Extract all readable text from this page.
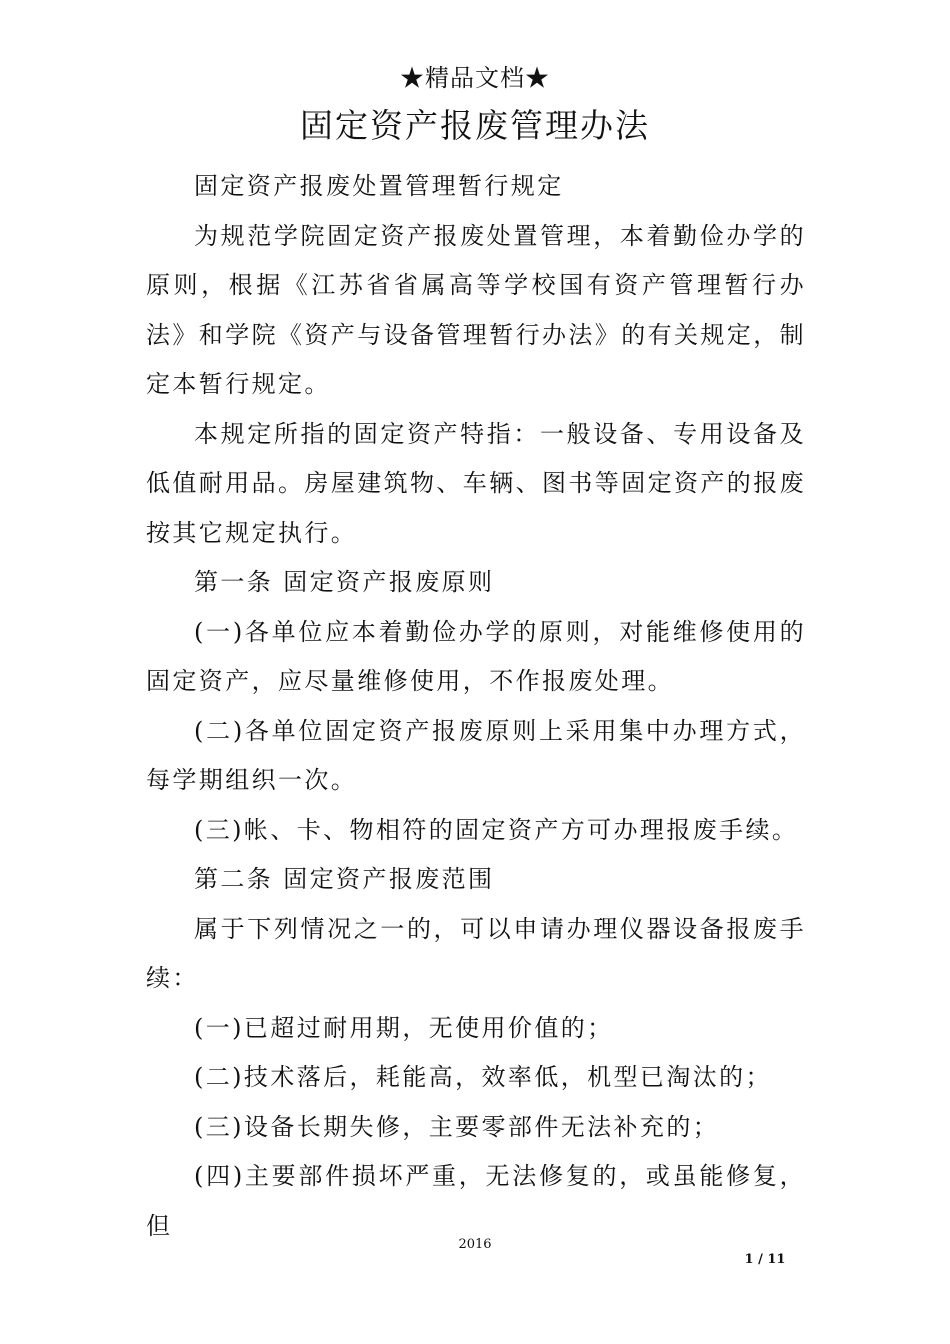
★精品文档★
固定资产报废管理办法

固定资产报废处置管理暂行规定

为规范学院固定资产报废处置管理，本着勤俭办学的原则，根据《江苏省省属高等学校国有资产管理暂行办法》和学院《资产与设备管理暂行办法》的有关规定，制定本暂行规定。

本规定所指的固定资产特指：一般设备、专用设备及低值耐用品。房屋建筑物、车辆、图书等固定资产的报废按其它规定执行。

第一条 固定资产报废原则

(一)各单位应本着勤俭办学的原则，对能维修使用的固定资产，应尽量维修使用，不作报废处理。

(二)各单位固定资产报废原则上采用集中办理方式，每学期组织一次。

(三)帐、卡、物相符的固定资产方可办理报废手续。

第二条 固定资产报废范围

属于下列情况之一的，可以申请办理仪器设备报废手续：

(一)已超过耐用期，无使用价值的；

(二)技术落后，耗能高，效率低，机型已淘汰的；

(三)设备长期失修，主要零部件无法补充的；

(四)主要部件损坏严重，无法修复的，或虽能修复，但

2016
1 / 11
